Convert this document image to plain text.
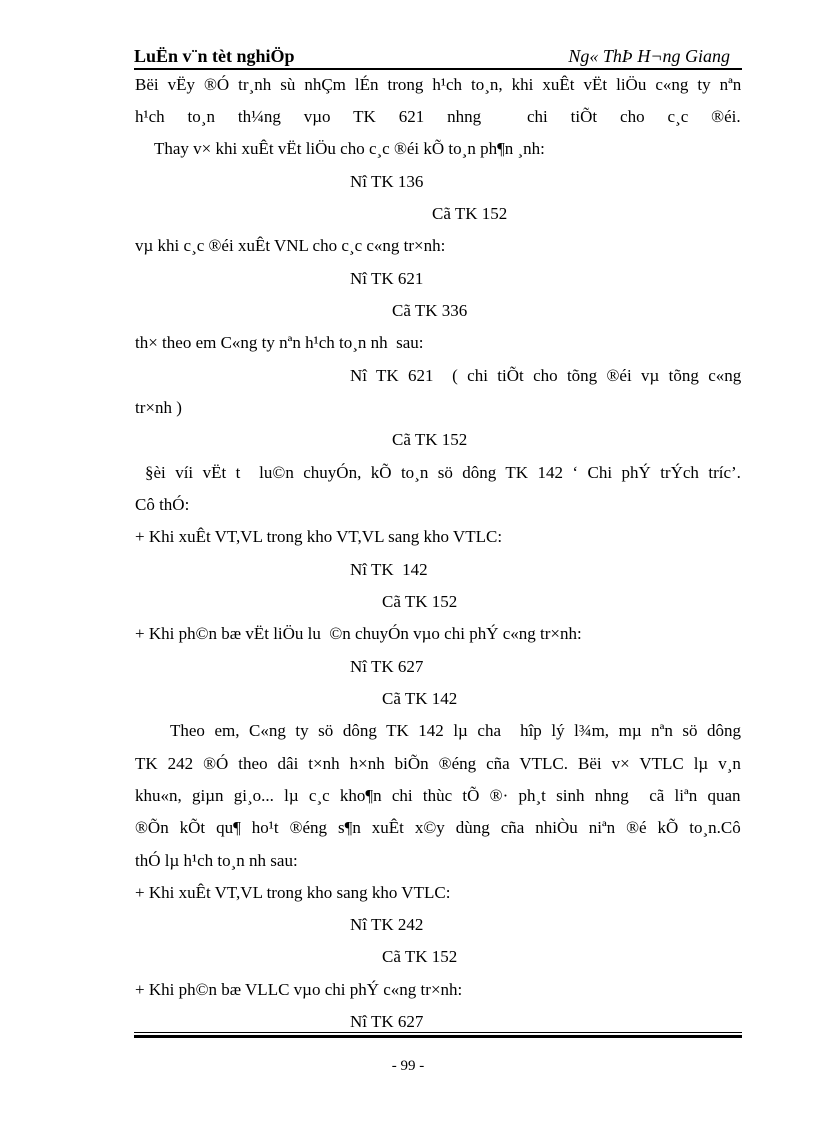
LuËn v¨n tèt nghiÖp	Ng« ThÞ H¬ng Giang
Bëi vËy ®Ó tr¸nh sù nhÇm lÉn trong h¹ch to¸n, khi xuÊt vËt liÖu c«ng ty nªn
h¹ch to¸n th¼ng vµo TK 621 nhng  chi tiÕt cho c¸c ®éi.
Thay v× khi xuÊt vËt liÖu cho c¸c ®éi kÕ to¸n ph¶n ¸nh:
Nî TK 136
Cã TK 152
vµ khi c¸c ®éi xuÊt VNL cho c¸c c«ng tr×nh:
Nî TK 621
Cã TK 336
th× theo em C«ng ty nªn h¹ch to¸n nh  sau:
Nî TK 621  ( chi tiÕt cho tõng ®éi vµ tõng c«ng
tr×nh )
Cã TK 152
§èi víi vËt t  lu©n chuyÓn, kÕ to¸n sö dông TK 142 ‘ Chi phÝ trÝch tríc’.
Cô thÓ:
+ Khi xuÊt VT,VL trong kho VT,VL sang kho VTLC:
Nî TK  142
Cã TK 152
+ Khi ph©n bæ vËt liÖu lu  ©n chuyÓn vµo chi phÝ c«ng tr×nh:
Nî TK 627
Cã TK 142
Theo em, C«ng ty sö dông TK 142 lµ cha  hîp lý l¾m, mµ nªn sö dông
TK 242 ®Ó theo dâi t×nh h×nh biÕn ®éng cña VTLC. Bëi v× VTLC lµ v¸n
khu«n, giµn gi¸o... lµ c¸c kho¶n chi thùc tÕ ®· ph¸t sinh nhng  cã liªn quan
®Õn kÕt qu¶ ho¹t ®éng s¶n xuÊt x©y dùng cña nhiÒu niªn ®é kÕ to¸n.Cô
thÓ lµ h¹ch to¸n nh sau:
+ Khi xuÊt VT,VL trong kho sang kho VTLC:
Nî TK 242
Cã TK 152
+ Khi ph©n bæ VLLC vµo chi phÝ c«ng tr×nh:
Nî TK 627
- 99 -
